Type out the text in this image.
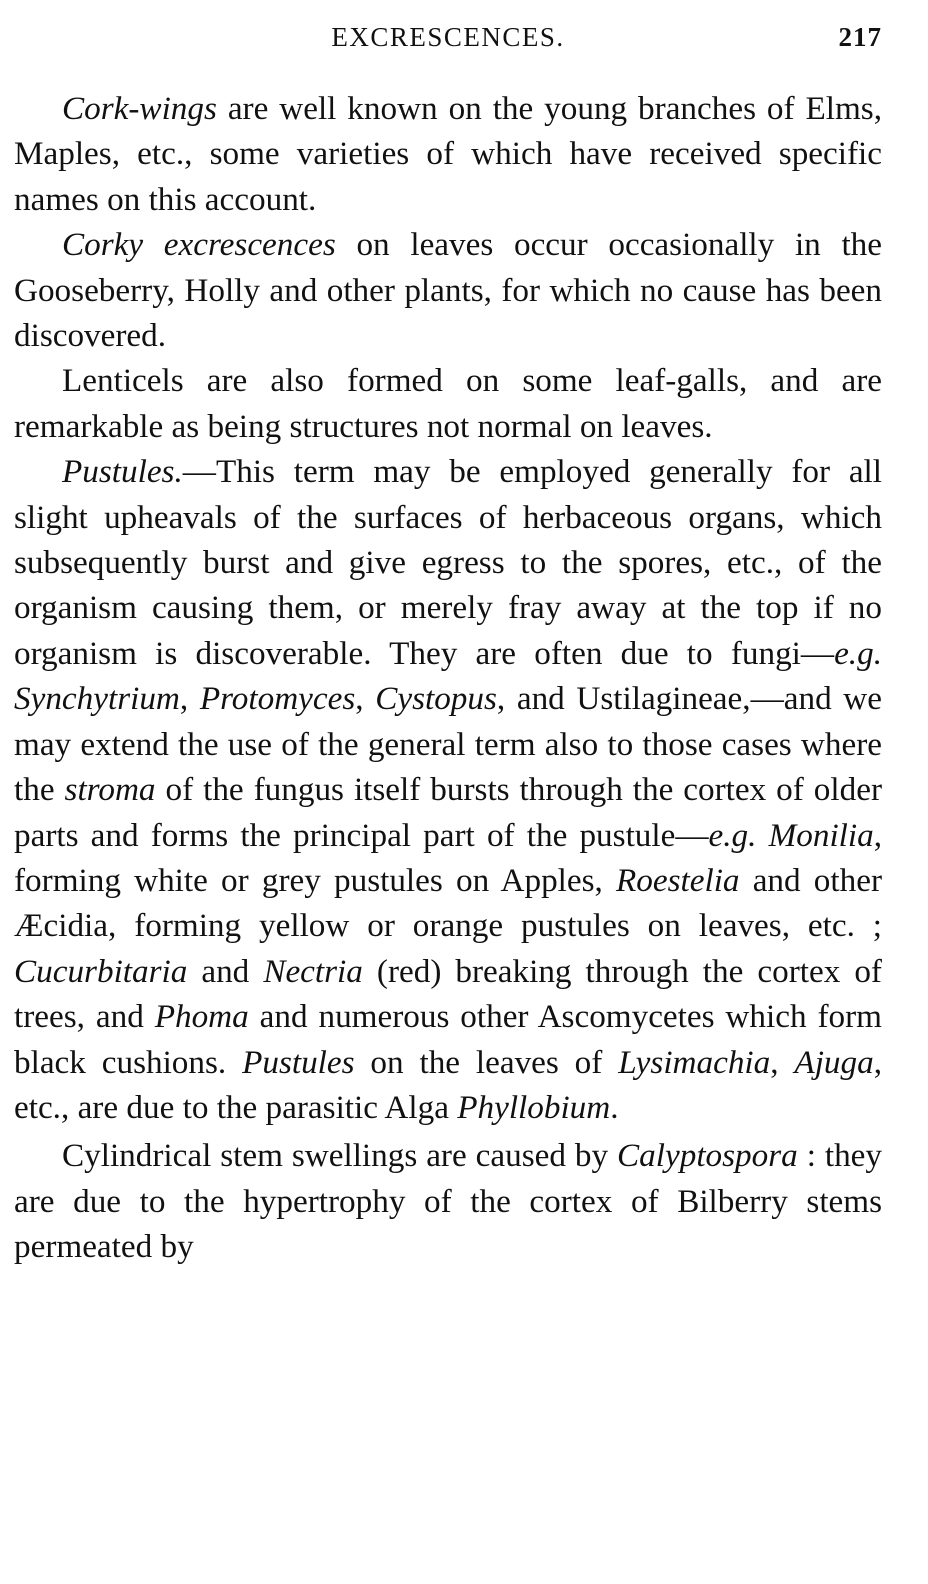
EXCRESCENCES.	217

Cork-wings are well known on the young branches of Elms, Maples, etc., some varieties of which have received specific names on this account.

Corky excrescences on leaves occur occasionally in the Gooseberry, Holly and other plants, for which no cause has been discovered.

Lenticels are also formed on some leaf-galls, and are remarkable as being structures not normal on leaves.

Pustules.—This term may be employed generally for all slight upheavals of the surfaces of herbaceous organs, which subsequently burst and give egress to the spores, etc., of the organism causing them, or merely fray away at the top if no organism is discoverable. They are often due to fungi—e.g. Synchytrium, Protomyces, Cystopus, and Ustilagineae,—and we may extend the use of the general term also to those cases where the stroma of the fungus itself bursts through the cortex of older parts and forms the principal part of the pustule—e.g. Monilia, forming white or grey pustules on Apples, Roestelia and other Æcidia, forming yellow or orange pustules on leaves, etc. ; Cucurbitaria and Nectria (red) breaking through the cortex of trees, and Phoma and numerous other Ascomycetes which form black cushions. Pustules on the leaves of Lysimachia, Ajuga, etc., are due to the parasitic Alga Phyllobium.

Cylindrical stem swellings are caused by Calyptospora : they are due to the hypertrophy of the cortex of Bilberry stems permeated by
